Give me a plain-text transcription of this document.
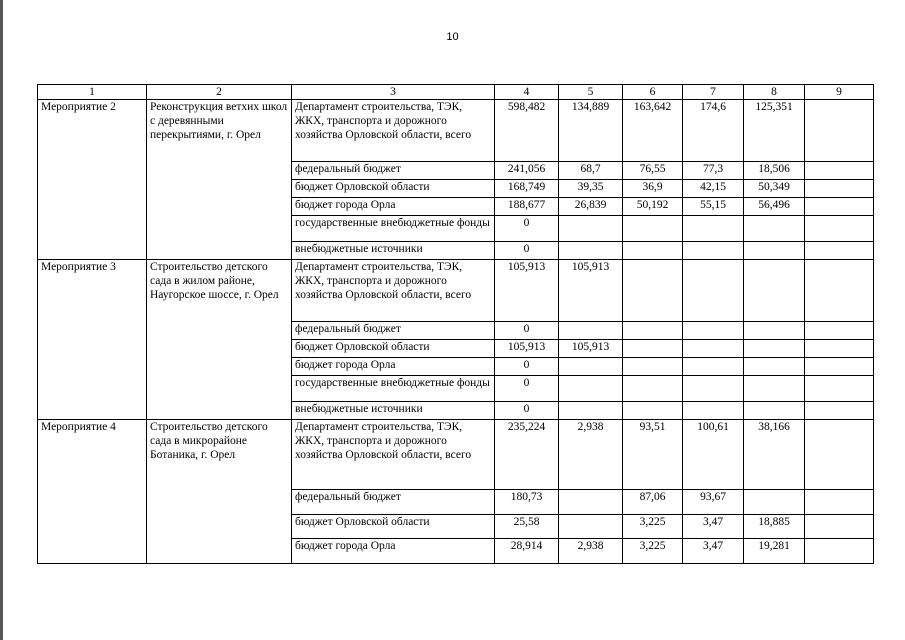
10
1	2	3	4	5	6	7	8	9
Мероприятие 2	Реконструкция ветхих школ с деревянными перекрытиями, г. Орел	Департамент строительства, ТЭК, ЖКХ, транспорта и дорожного хозяйства Орловской области, всего	598,482	134,889	163,642	174,6	125,351	
		федеральный бюджет	241,056	68,7	76,55	77,3	18,506	
		бюджет Орловской области	168,749	39,35	36,9	42,15	50,349	
		бюджет города Орла	188,677	26,839	50,192	55,15	56,496	
		государственные внебюджетные фонды	0					
		внебюджетные источники	0					
Мероприятие 3	Строительство детского сада в жилом районе, Наугорское шоссе, г. Орел	Департамент строительства, ТЭК, ЖКХ, транспорта и дорожного хозяйства Орловской области, всего	105,913	105,913				
		федеральный бюджет	0					
		бюджет Орловской области	105,913	105,913				
		бюджет города Орла	0					
		государственные внебюджетные фонды	0					
		внебюджетные источники	0					
Мероприятие 4	Строительство детского сада в микрорайоне Ботаника, г. Орел	Департамент строительства, ТЭК, ЖКХ, транспорта и дорожного хозяйства Орловской области, всего	235,224	2,938	93,51	100,61	38,166	
		федеральный бюджет	180,73		87,06	93,67		
		бюджет Орловской области	25,58		3,225	3,47	18,885	
		бюджет города Орла	28,914	2,938	3,225	3,47	19,281	
